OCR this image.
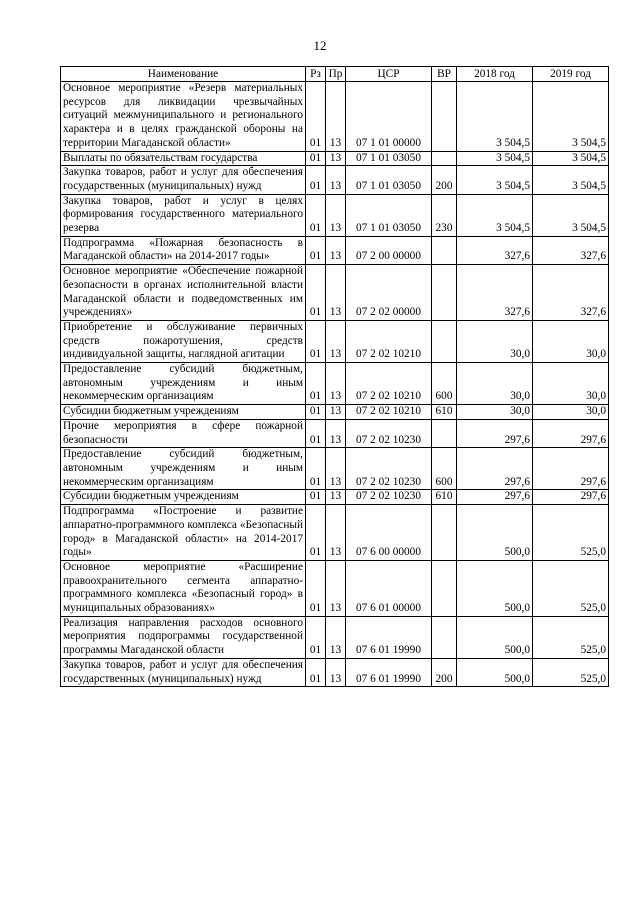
12
Наименование	Рз	Пр	ЦСР	ВР	2018 год	2019 год
Основное мероприятие «Резерв материальных ресурсов для ликвидации чрезвычайных ситуаций межмуниципального и регионального характера и в целях гражданской обороны на территории Магаданской области»	01	13	07 1 01 00000		3 504,5	3 504,5
Выплаты по обязательствам государства	01	13	07 1 01 03050		3 504,5	3 504,5
Закупка товаров, работ и услуг для обеспечения государственных (муниципальных) нужд	01	13	07 1 01 03050	200	3 504,5	3 504,5
Закупка товаров, работ и услуг в целях формирования государственного материального резерва	01	13	07 1 01 03050	230	3 504,5	3 504,5
Подпрограмма «Пожарная безопасность в Магаданской области» на 2014-2017 годы»	01	13	07 2 00 00000		327,6	327,6
Основное мероприятие «Обеспечение пожарной безопасности в органах исполнительной власти Магаданской области и подведомственных им учреждениях»	01	13	07 2 02 00000		327,6	327,6
Приобретение и обслуживание первичных средств пожаротушения, средств индивидуальной защиты, наглядной агитации	01	13	07 2 02 10210		30,0	30,0
Предоставление субсидий бюджетным, автономным учреждениям и иным некоммерческим организациям	01	13	07 2 02 10210	600	30,0	30,0
Субсидии бюджетным учреждениям	01	13	07 2 02 10210	610	30,0	30,0
Прочие мероприятия в сфере пожарной безопасности	01	13	07 2 02 10230		297,6	297,6
Предоставление субсидий бюджетным, автономным учреждениям и иным некоммерческим организациям	01	13	07 2 02 10230	600	297,6	297,6
Субсидии бюджетным учреждениям	01	13	07 2 02 10230	610	297,6	297,6
Подпрограмма «Построение и развитие аппаратно-программного комплекса «Безопасный город» в Магаданской области» на 2014-2017 годы»	01	13	07 6 00 00000		500,0	525,0
Основное мероприятие «Расширение правоохранительного сегмента аппаратно-программного комплекса «Безопасный город» в муниципальных образованиях»	01	13	07 6 01 00000		500,0	525,0
Реализация направления расходов основного мероприятия подпрограммы государственной программы Магаданской области	01	13	07 6 01 19990		500,0	525,0
Закупка товаров, работ и услуг для обеспечения государственных (муниципальных) нужд	01	13	07 6 01 19990	200	500,0	525,0
